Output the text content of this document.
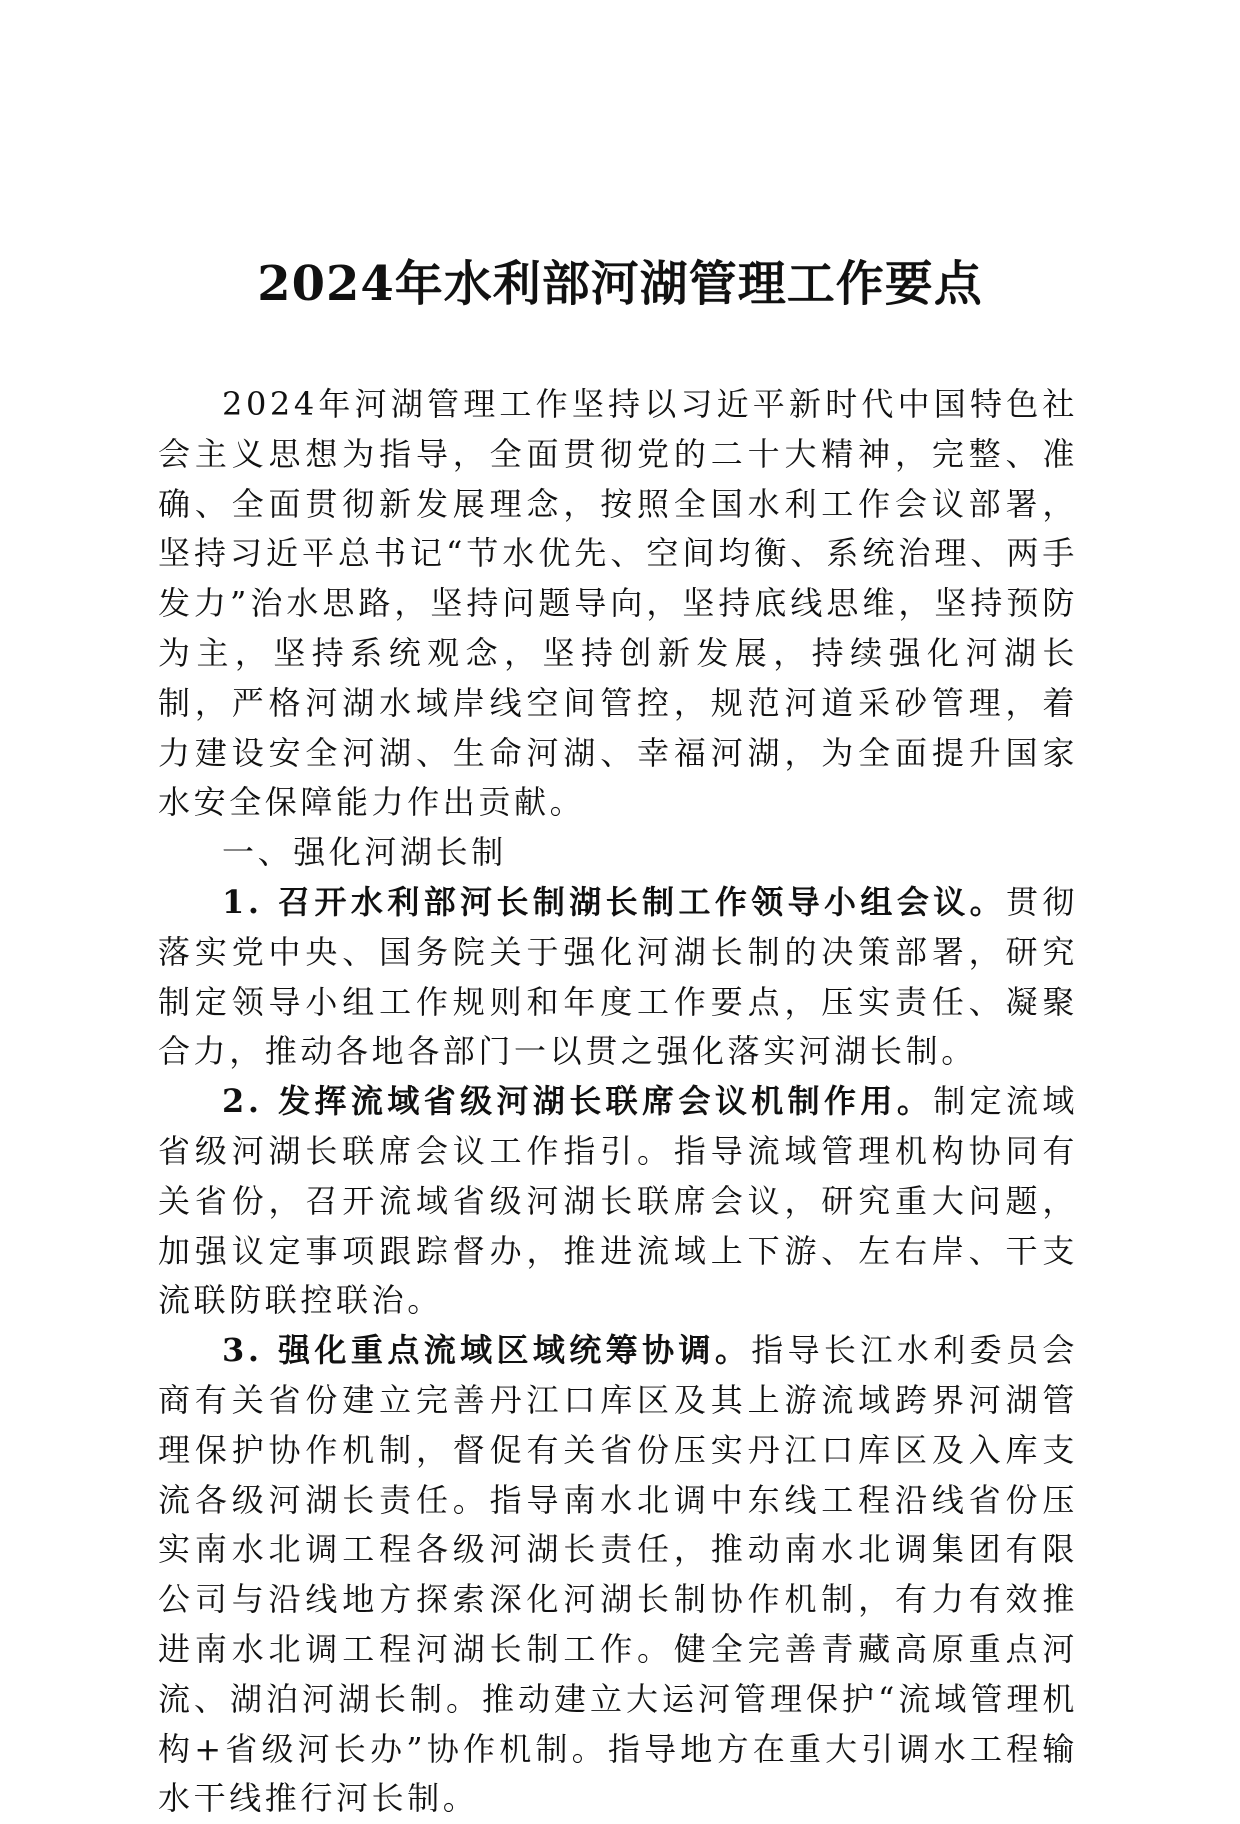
2024年水利部河湖管理工作要点

2024年河湖管理工作坚持以习近平新时代中国特色社会主义思想为指导，全面贯彻党的二十大精神，完整、准确、全面贯彻新发展理念，按照全国水利工作会议部署，坚持习近平总书记“节水优先、空间均衡、系统治理、两手发力”治水思路，坚持问题导向，坚持底线思维，坚持预防为主，坚持系统观念，坚持创新发展，持续强化河湖长制，严格河湖水域岸线空间管控，规范河道采砂管理，着力建设安全河湖、生命河湖、幸福河湖，为全面提升国家水安全保障能力作出贡献。

一、强化河湖长制

1. 召开水利部河长制湖长制工作领导小组会议。贯彻落实党中央、国务院关于强化河湖长制的决策部署，研究制定领导小组工作规则和年度工作要点，压实责任、凝聚合力，推动各地各部门一以贯之强化落实河湖长制。

2. 发挥流域省级河湖长联席会议机制作用。制定流域省级河湖长联席会议工作指引。指导流域管理机构协同有关省份，召开流域省级河湖长联席会议，研究重大问题，加强议定事项跟踪督办，推进流域上下游、左右岸、干支流联防联控联治。

3. 强化重点流域区域统筹协调。指导长江水利委员会商有关省份建立完善丹江口库区及其上游流域跨界河湖管理保护协作机制，督促有关省份压实丹江口库区及入库支流各级河湖长责任。指导南水北调中东线工程沿线省份压实南水北调工程各级河湖长责任，推动南水北调集团有限公司与沿线地方探索深化河湖长制协作机制，有力有效推进南水北调工程河湖长制工作。健全完善青藏高原重点河流、湖泊河湖长制。推动建立大运河管理保护“流域管理机构+省级河长办”协作机制。指导地方在重大引调水工程输水干线推行河长制。
